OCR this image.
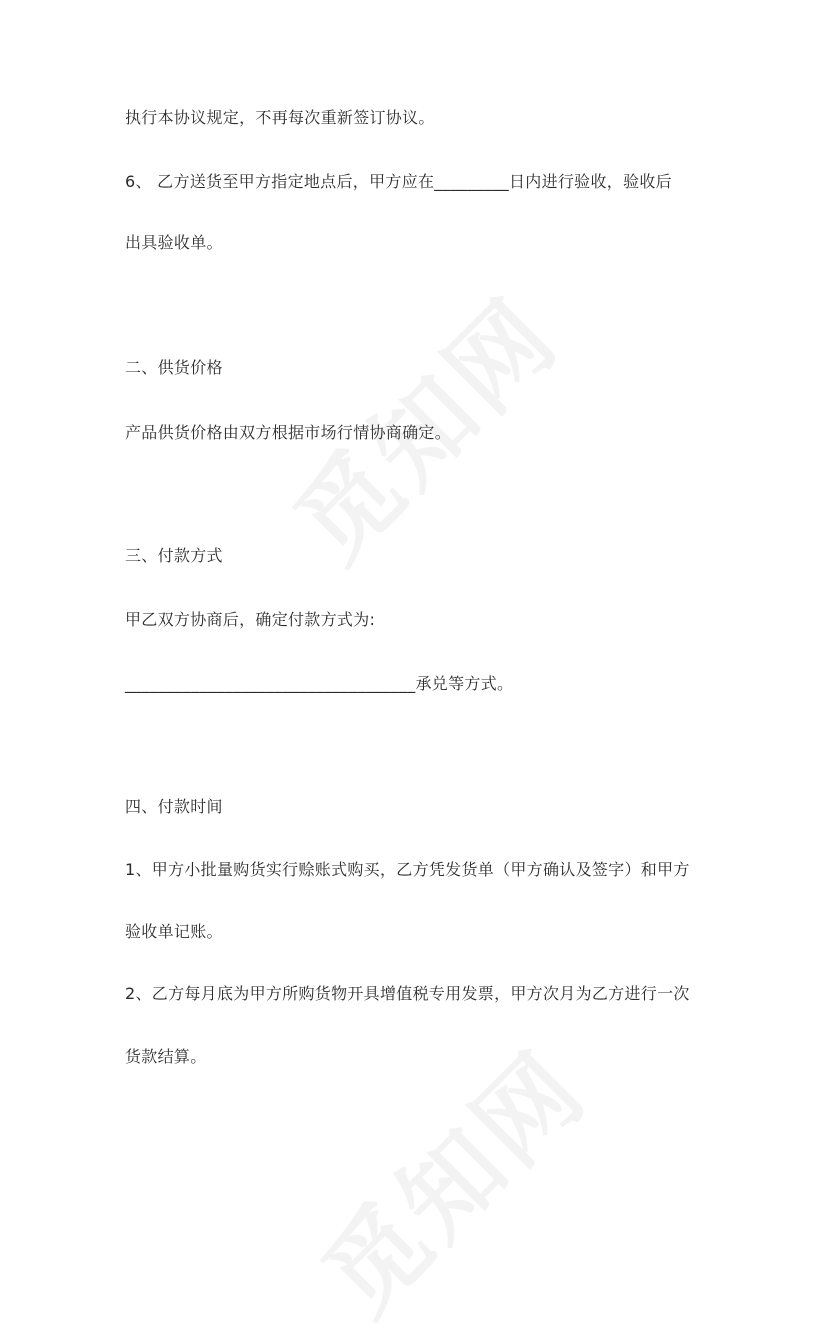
执行本协议规定，不再每次重新签订协议。
6、 乙方送货至甲方指定地点后，甲方应在_________日内进行验收，验收后
出具验收单。
二、供货价格
产品供货价格由双方根据市场行情协商确定。
三、付款方式
甲乙双方协商后，确定付款方式为:
___________________________________承兑等方式。
四、付款时间
1、甲方小批量购货实行赊账式购买，乙方凭发货单（甲方确认及签字）和甲方
验收单记账。
2、乙方每月底为甲方所购货物开具增值税专用发票，甲方次月为乙方进行一次
货款结算。
